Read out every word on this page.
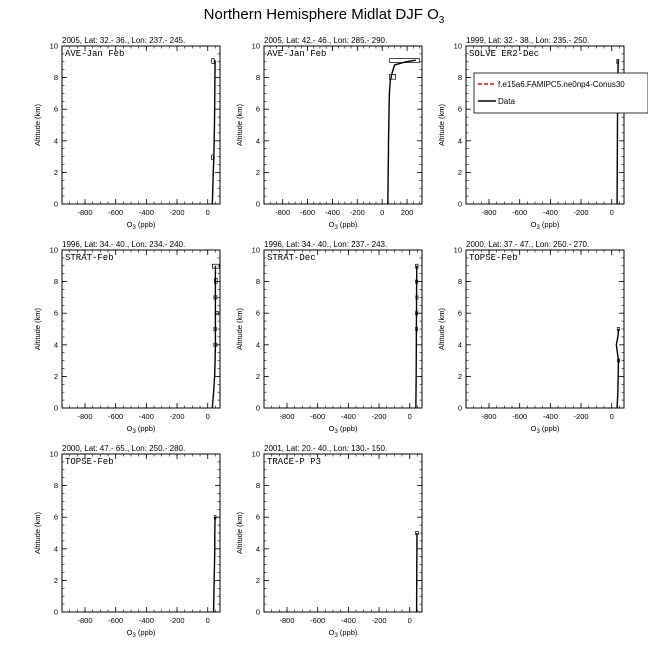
Northern Hemisphere Midlat DJF $O_3$
2005, Lat: 32.- 36., Lon: 237.- 245.
AVE-Jan Feb
-800 -600 -400 -200	0
0
2
4
6
8
10
$O_3$ (ppb)
Altitude (km)
2005, Lat: 42.- 46., Lon: 285.- 290.
AVE-Jan Feb
-800 -600 -400 -200 0 200
0
2
4
6
8
10
$O_3$ (ppb)
Altitude (km)
1999, Lat: 32.- 38., Lon: 235.- 250.
SOLVE ER2-Dec
-800 -600 -400 -200	0
0
2
4
6
8
10
$O_3$ (ppb)
Altitude (km)
1996, Lat: 34.- 40., Lon: 234.- 240.
STRAT-Feb
-800 -600 -400 -200	0
0
2
4
6
8
10
$O_3$ (ppb)
Altitude (km)
1996, Lat: 34.- 40., Lon: 237.- 243.
STRAT-Dec
-800 -600 -400 -200	0
0
2
4
6
8
10
$O_3$ (ppb)
Altitude (km)
2000, Lat: 37.- 47., Lon: 250.- 270.
TOPSE-Feb
-800 -600 -400 -200	0
0
2
4
6
8
10
$O_3$ (ppb)
Altitude (km)
2000, Lat: 47.- 65., Lon: 250.- 280.
TOPSE-Feb
-800 -600 -400 -200	0
0
2
4
6
8
10
$O_3$ (ppb)
Altitude (km)
2001, Lat: 20.- 40., Lon: 130.- 150.
TRACE-P P3
-800 -600 -400 -200	0
0
2
4
6
8
10
$O_3$ (ppb)
Altitude (km)
f.e15a6.FAMIPC5.ne0np4-Conus30
Data
